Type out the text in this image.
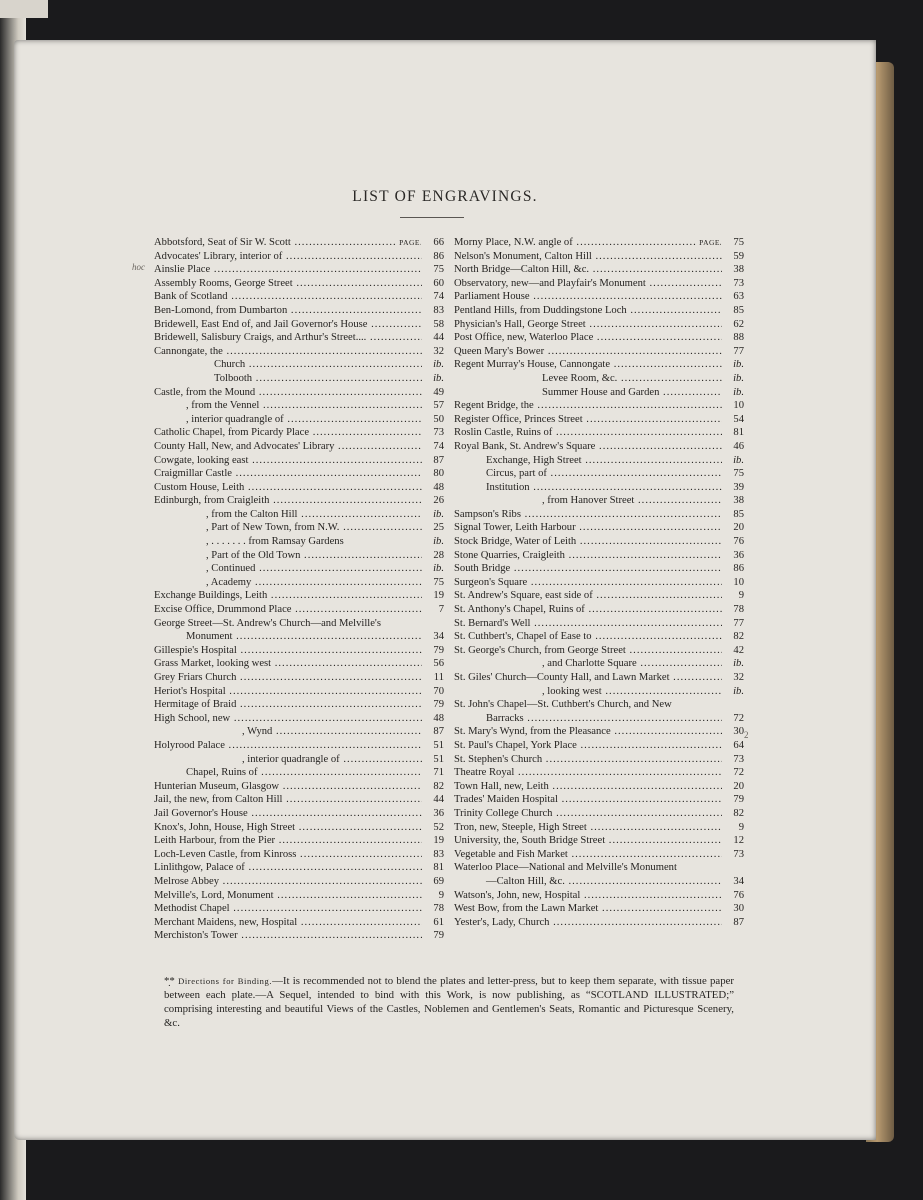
LIST OF ENGRAVINGS.
hoc
2
Abbotsford, Seat of Sir W. Scott .....	PAGE	66
Advocates' Library, interior of .....	86
Ainslie Place .....	75
Assembly Rooms, George Street .....	60
Bank of Scotland .....	74
Ben-Lomond, from Dumbarton .....	83
Bridewell, East End of, and Jail Governor's House .....	58
Bridewell, Salisbury Craigs, and Arthur's Street.... .....	44
Cannongate, the .....	32
Church .....	ib.
Tolbooth .....	ib.
Castle, from the Mound .....	49
, from the Vennel .....	57
, interior quadrangle of .....	50
Catholic Chapel, from Picardy Place .....	73
County Hall, New, and Advocates' Library .....	74
Cowgate, looking east .....	87
Craigmillar Castle .....	80
Custom House, Leith .....	48
Edinburgh, from Craigleith .....	26
, from the Calton Hill .....	ib.
, Part of New Town, from N.W. .....	25
, . . . . . . . from Ramsay Gardens	ib.
, Part of the Old Town .....	28
, Continued .....	ib.
, Academy .....	75
Exchange Buildings, Leith .....	19
Excise Office, Drummond Place .....	7
George Street—St. Andrew's Church—and Melville's
Monument .....	34
Gillespie's Hospital .....	79
Grass Market, looking west .....	56
Grey Friars Church .....	11
Heriot's Hospital .....	70
Hermitage of Braid .....	79
High School, new .....	48
, Wynd .....	87
Holyrood Palace .....	51
, interior quadrangle of .....	51
Chapel, Ruins of .....	71
Hunterian Museum, Glasgow .....	82
Jail, the new, from Calton Hill .....	44
Jail Governor's House .....	36
Knox's, John, House, High Street .....	52
Leith Harbour, from the Pier .....	19
Loch-Leven Castle, from Kinross .....	83
Linlithgow, Palace of .....	81
Melrose Abbey .....	69
Melville's, Lord, Monument .....	9
Methodist Chapel .....	78
Merchant Maidens, new, Hospital .....	61
Merchiston's Tower .....	79
Morny Place, N.W. angle of .....	PAGE	75
Nelson's Monument, Calton Hill .....	59
North Bridge—Calton Hill, &c. .....	38
Observatory, new—and Playfair's Monument .....	73
Parliament House .....	63
Pentland Hills, from Duddingstone Loch .....	85
Physician's Hall, George Street .....	62
Post Office, new, Waterloo Place .....	88
Queen Mary's Bower .....	77
Regent Murray's House, Cannongate .....	ib.
Levee Room, &c. .....	ib.
Summer House and Garden .....	ib.
Regent Bridge, the .....	10
Register Office, Princes Street .....	54
Roslin Castle, Ruins of .....	81
Royal Bank, St. Andrew's Square .....	46
Exchange, High Street .....	ib.
Circus, part of .....	75
Institution .....	39
, from Hanover Street .....	38
Sampson's Ribs .....	85
Signal Tower, Leith Harbour .....	20
Stock Bridge, Water of Leith .....	76
Stone Quarries, Craigleith .....	36
South Bridge .....	86
Surgeon's Square .....	10
St. Andrew's Square, east side of .....	9
St. Anthony's Chapel, Ruins of .....	78
St. Bernard's Well .....	77
St. Cuthbert's, Chapel of Ease to .....	82
St. George's Church, from George Street .....	42
, and Charlotte Square .....	ib.
St. Giles' Church—County Hall, and Lawn Market .....	32
, looking west .....	ib.
St. John's Chapel—St. Cuthbert's Church, and New
Barracks .....	72
St. Mary's Wynd, from the Pleasance .....	30
St. Paul's Chapel, York Place .....	64
St. Stephen's Church .....	73
Theatre Royal .....	72
Town Hall, new, Leith .....	20
Trades' Maiden Hospital .....	79
Trinity College Church .....	82
Tron, new, Steeple, High Street .....	9
University, the, South Bridge Street .....	12
Vegetable and Fish Market .....	73
Waterloo Place—National and Melville's Monument
—Calton Hill, &c. .....	34
Watson's, John, new, Hospital .....	76
West Bow, from the Lawn Market .....	30
Yester's, Lady, Church .....	87
*̣* Directions for Binding.—It is recommended not to blend the plates and letter-press, but to keep them separate, with tissue paper between each plate.—A Sequel, intended to bind with this Work, is now publishing, as “SCOTLAND ILLUSTRATED;” comprising interesting and beautiful Views of the Castles, Noblemen and Gentlemen's Seats, Romantic and Picturesque Scenery, &c.
